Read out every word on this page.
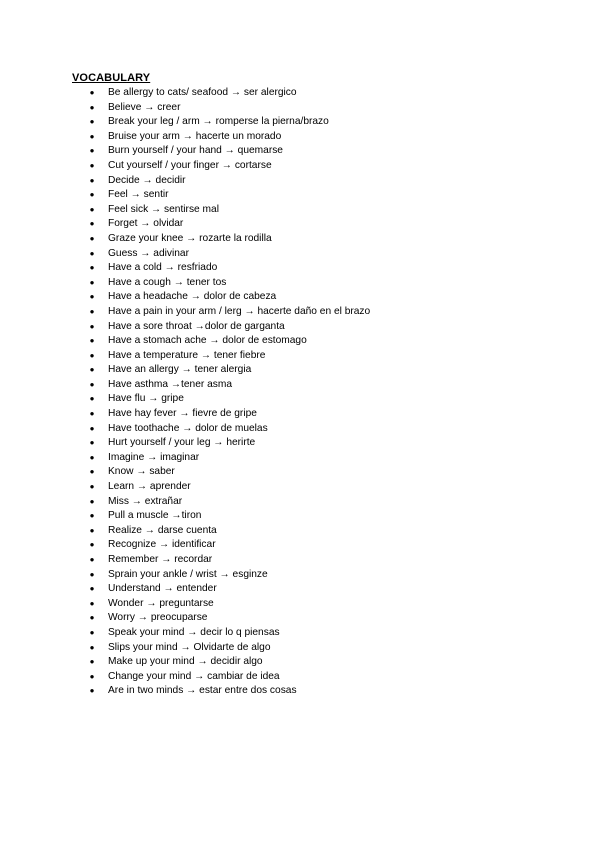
VOCABULARY
● Be allergy to cats/ seafood → ser alergico
● Believe → creer
● Break your leg / arm → romperse la pierna/brazo
● Bruise your arm → hacerte un morado
● Burn yourself / your hand → quemarse
● Cut yourself / your finger → cortarse
● Decide → decidir
● Feel → sentir
● Feel sick → sentirse mal
● Forget → olvidar
● Graze your knee → rozarte la rodilla
● Guess → adivinar
● Have a cold → resfriado
● Have a cough → tener tos
● Have a headache → dolor de cabeza
● Have a pain in your arm / lerg → hacerte daño en el brazo
● Have a sore throat →dolor de garganta
● Have a stomach ache → dolor de estomago
● Have a temperature → tener fiebre
● Have an allergy → tener alergia
● Have asthma →tener asma
● Have flu → gripe
● Have hay fever → fievre de gripe
● Have toothache → dolor de muelas
● Hurt yourself / your leg → herirte
● Imagine → imaginar
● Know → saber
● Learn → aprender
● Miss → extrañar
● Pull a muscle →tiron
● Realize → darse cuenta
● Recognize → identificar
● Remember → recordar
● Sprain your ankle / wrist → esginze
● Understand → entender
● Wonder → preguntarse
● Worry → preocuparse
● Speak your mind → decir lo q piensas
● Slips your mind → Olvidarte de algo
● Make up your mind → decidir algo
● Change your mind → cambiar de idea
● Are in two minds → estar entre dos cosas
